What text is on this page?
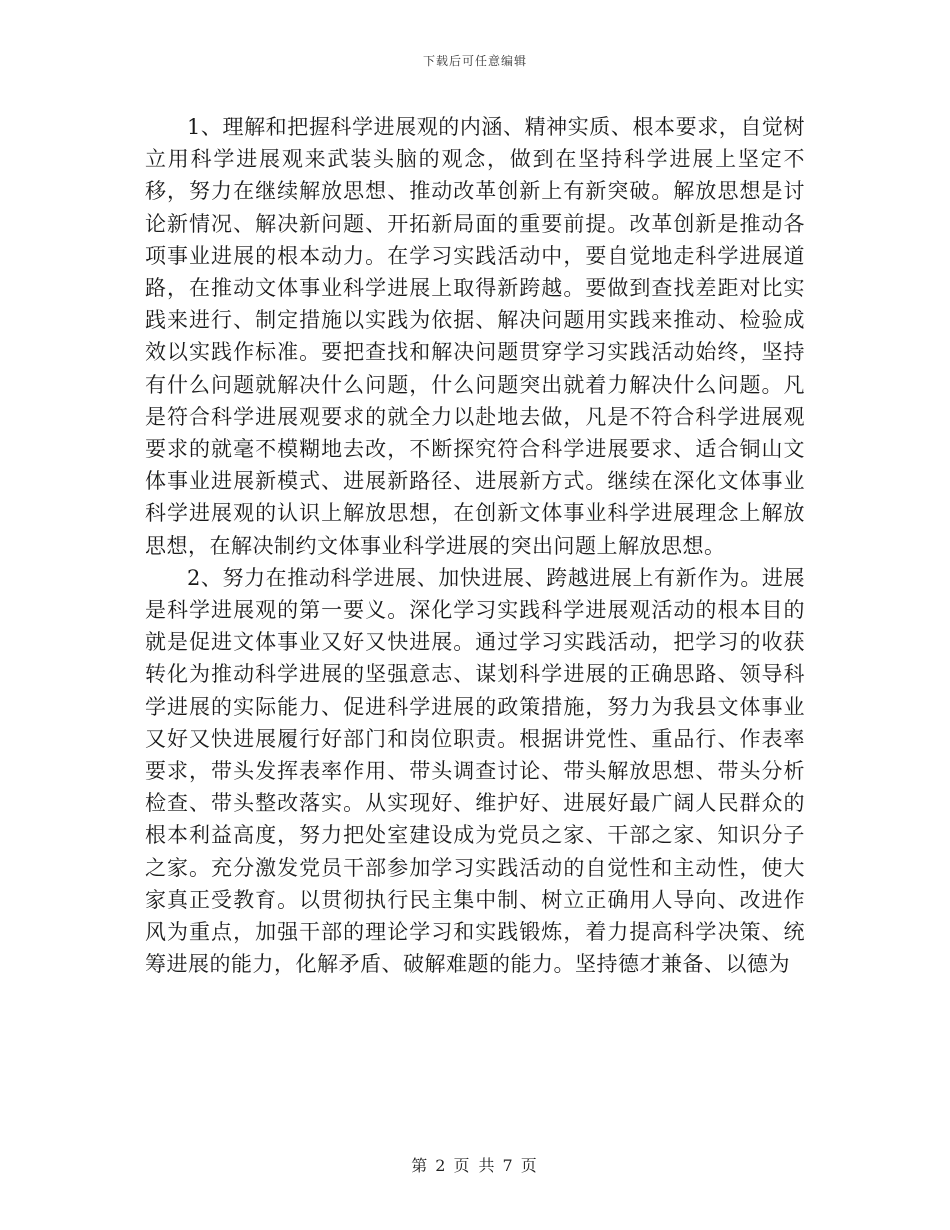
下载后可任意编辑

1、理解和把握科学进展观的内涵、精神实质、根本要求，自觉树立用科学进展观来武装头脑的观念，做到在坚持科学进展上坚定不移，努力在继续解放思想、推动改革创新上有新突破。解放思想是讨论新情况、解决新问题、开拓新局面的重要前提。改革创新是推动各项事业进展的根本动力。在学习实践活动中，要自觉地走科学进展道路，在推动文体事业科学进展上取得新跨越。要做到查找差距对比实践来进行、制定措施以实践为依据、解决问题用实践来推动、检验成效以实践作标准。要把查找和解决问题贯穿学习实践活动始终，坚持有什么问题就解决什么问题，什么问题突出就着力解决什么问题。凡是符合科学进展观要求的就全力以赴地去做，凡是不符合科学进展观要求的就毫不模糊地去改，不断探究符合科学进展要求、适合铜山文体事业进展新模式、进展新路径、进展新方式。继续在深化文体事业科学进展观的认识上解放思想，在创新文体事业科学进展理念上解放思想，在解决制约文体事业科学进展的突出问题上解放思想。

2、努力在推动科学进展、加快进展、跨越进展上有新作为。进展是科学进展观的第一要义。深化学习实践科学进展观活动的根本目的就是促进文体事业又好又快进展。通过学习实践活动，把学习的收获转化为推动科学进展的坚强意志、谋划科学进展的正确思路、领导科学进展的实际能力、促进科学进展的政策措施，努力为我县文体事业又好又快进展履行好部门和岗位职责。根据讲党性、重品行、作表率要求，带头发挥表率作用、带头调查讨论、带头解放思想、带头分析检查、带头整改落实。从实现好、维护好、进展好最广阔人民群众的根本利益高度，努力把处室建设成为党员之家、干部之家、知识分子之家。充分激发党员干部参加学习实践活动的自觉性和主动性，使大家真正受教育。以贯彻执行民主集中制、树立正确用人导向、改进作风为重点，加强干部的理论学习和实践锻炼，着力提高科学决策、统筹进展的能力，化解矛盾、破解难题的能力。坚持德才兼备、以德为

第 2 页 共 7 页
